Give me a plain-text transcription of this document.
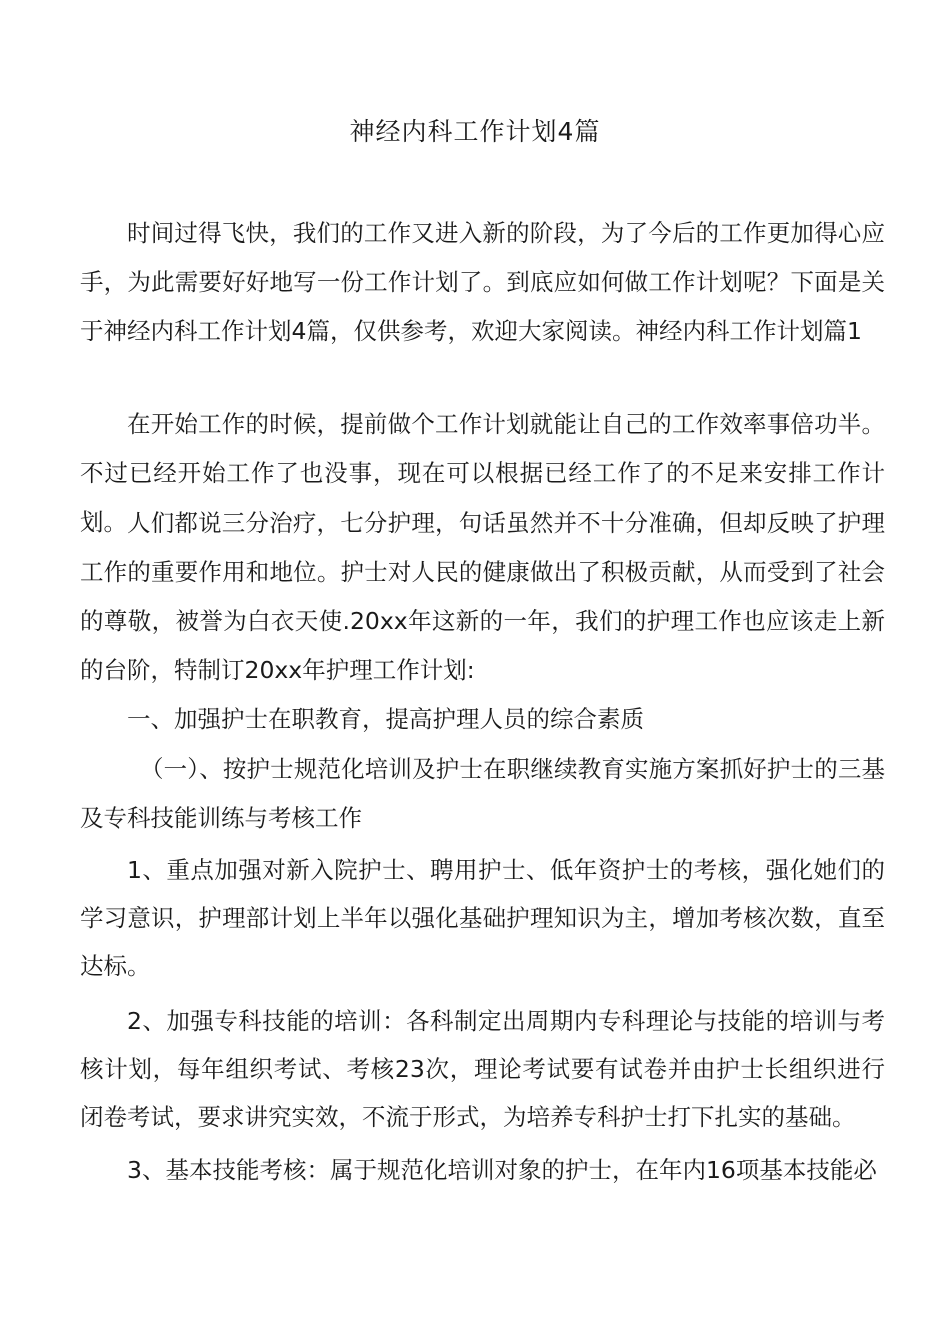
神经内科工作计划4篇

时间过得飞快，我们的工作又进入新的阶段，为了今后的工作更加得心应手，为此需要好好地写一份工作计划了。到底应如何做工作计划呢？下面是关于神经内科工作计划4篇，仅供参考，欢迎大家阅读。神经内科工作计划篇1

在开始工作的时候，提前做个工作计划就能让自己的工作效率事倍功半。不过已经开始工作了也没事，现在可以根据已经工作了的不足来安排工作计划。 人们都说三分治疗，七分护理，句话虽然并不十分准确，但却反映了护理工作的重要作用和地位。护士对人民的健康做出了积极贡献，从而受到了社会的尊敬，被誉为白衣天使.20xx年这新的一年，我们的护理工作也应该走上新的台阶，特制订20xx年护理工作计划:

一、加强护士在职教育，提高护理人员的综合素质

（一）、按护士规范化培训及护士在职继续教育实施方案抓好护士的三基及专科技能训练与考核工作

1、重点加强对新入院护士、聘用护士、低年资护士的考核，强化她们的学习意识，护理部计划上半年以强化基础护理知识为主，增加考核次数，直至达标。

2、加强专科技能的培训：各科制定出周期内专科理论与技能的培训与考核计划，每年组织考试、考核23次，理论考试要有试卷并由护士长组织进行闭卷考试，要求讲究实效，不流于形式，为培养专科护士打下扎实的基础。

3、基本技能考核：属于规范化培训对象的护士，在年内16项基本技能必
